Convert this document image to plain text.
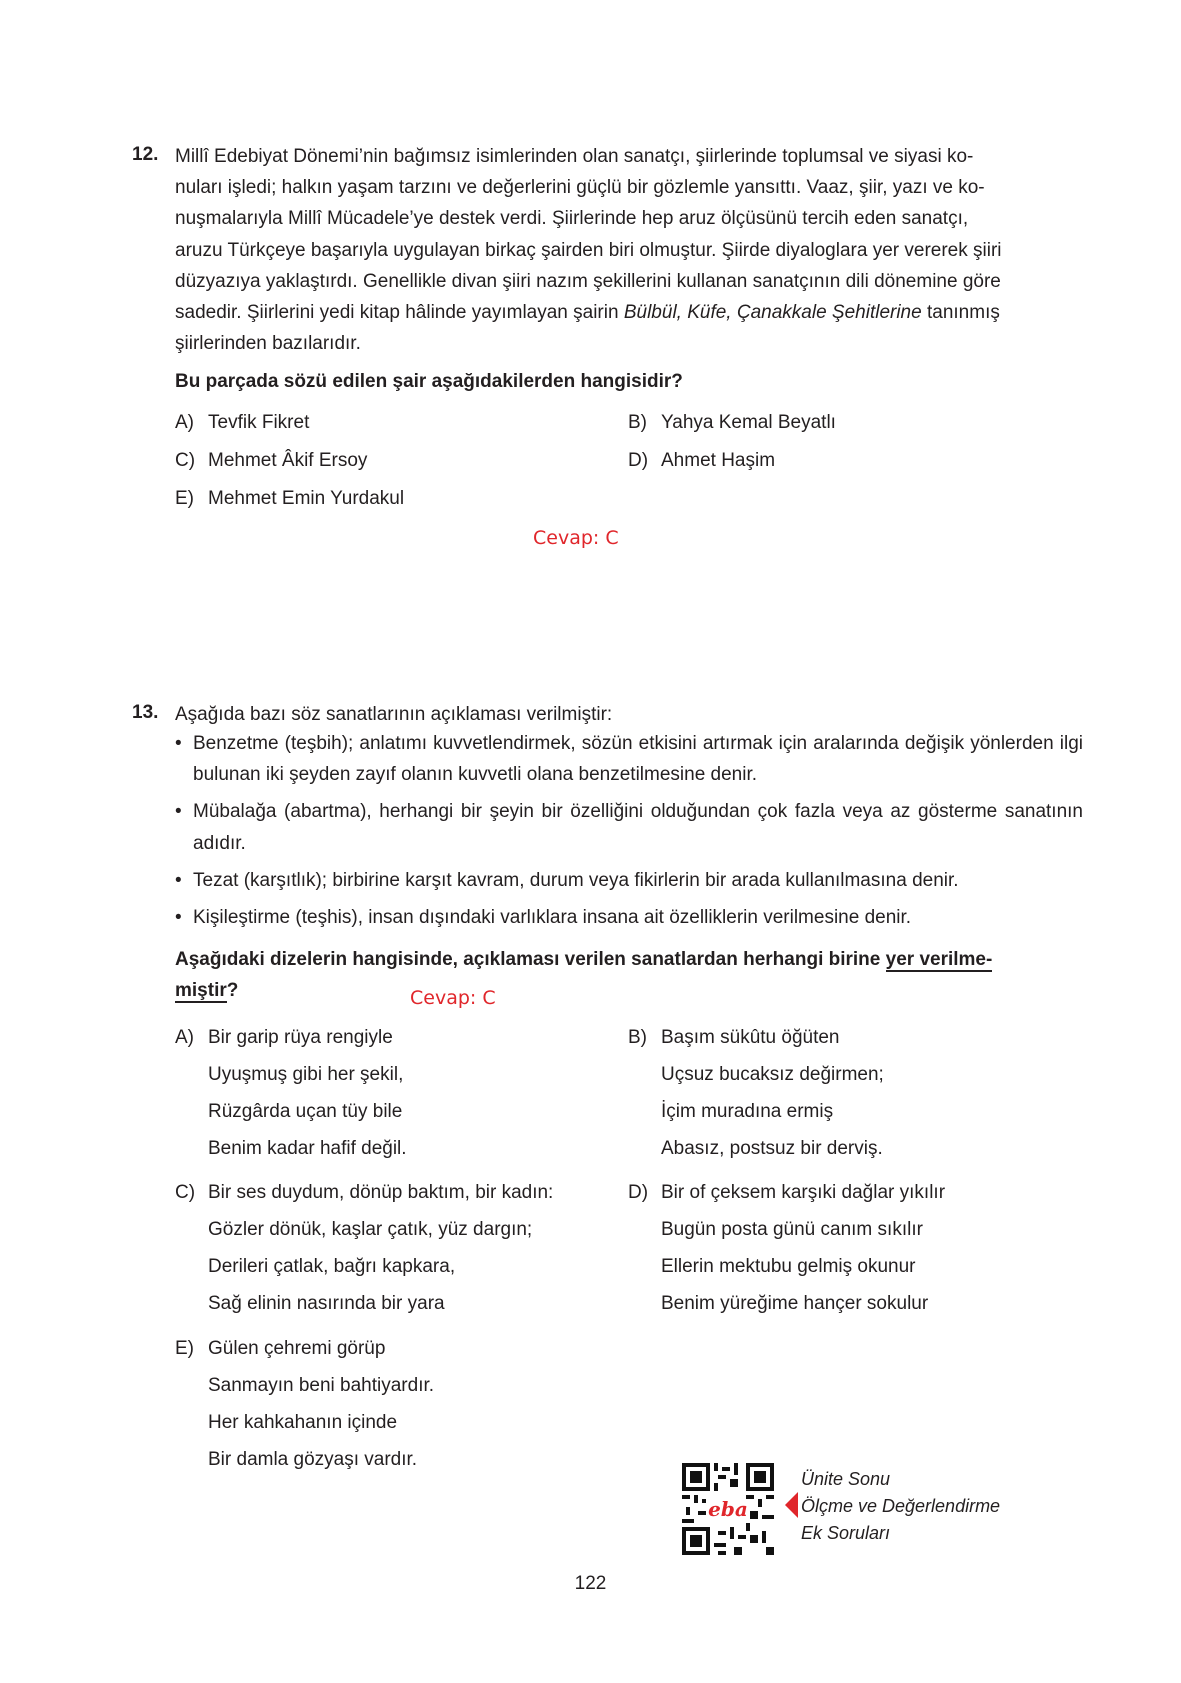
12. Millî Edebiyat Dönemi’nin bağımsız isimlerinden olan sanatçı, şiirlerinde toplumsal ve siyasi ko-
nuları işledi; halkın yaşam tarzını ve değerlerini güçlü bir gözlemle yansıttı. Vaaz, şiir, yazı ve ko-
nuşmalarıyla Millî Mücadele’ye destek verdi. Şiirlerinde hep aruz ölçüsünü tercih eden sanatçı,
aruzu Türkçeye başarıyla uygulayan birkaç şairden biri olmuştur. Şiirde diyaloglara yer vererek şiiri
düzyazıya yaklaştırdı. Genellikle divan şiiri nazım şekillerini kullanan sanatçının dili dönemine göre
sadedir. Şiirlerini yedi kitap hâlinde yayımlayan şairin Bülbül, Küfe, Çanakkale Şehitlerine tanınmış
şiirlerinden bazılarıdır.
Bu parçada sözü edilen şair aşağıdakilerden hangisidir?
A) Tevfik Fikret	B) Yahya Kemal Beyatlı
C) Mehmet Âkif Ersoy	D) Ahmet Haşim
E) Mehmet Emin Yurdakul
Cevap: C
13. Aşağıda bazı söz sanatlarının açıklaması verilmiştir:
• Benzetme (teşbih); anlatımı kuvvetlendirmek, sözün etkisini artırmak için aralarında değişik yönlerden ilgi bulunan iki şeyden zayıf olanın kuvvetli olana benzetilmesine denir.
• Mübalağa (abartma), herhangi bir şeyin bir özelliğini olduğundan çok fazla veya az gösterme sanatının adıdır.
• Tezat (karşıtlık); birbirine karşıt kavram, durum veya fikirlerin bir arada kullanılmasına denir.
• Kişileştirme (teşhis), insan dışındaki varlıklara insana ait özelliklerin verilmesine denir.
Aşağıdaki dizelerin hangisinde, açıklaması verilen sanatlardan herhangi birine yer verilme-
miştir?	Cevap: C
A) Bir garip rüya rengiyle
Uyuşmuş gibi her şekil,
Rüzgârda uçan tüy bile
Benim kadar hafif değil.
B) Başım sükûtu öğüten
Uçsuz bucaksız değirmen;
İçim muradına ermiş
Abasız, postsuz bir derviş.
C) Bir ses duydum, dönüp baktım, bir kadın:
Gözler dönük, kaşlar çatık, yüz dargın;
Derileri çatlak, bağrı kapkara,
Sağ elinin nasırında bir yara
D) Bir of çeksem karşıki dağlar yıkılır
Bugün posta günü canım sıkılır
Ellerin mektubu gelmiş okunur
Benim yüreğime hançer sokulur
E) Gülen çehremi görüp
Sanmayın beni bahtiyardır.
Her kahkahanın içinde
Bir damla gözyaşı vardır.
eba
Ünite Sonu
Ölçme ve Değerlendirme
Ek Soruları
122
